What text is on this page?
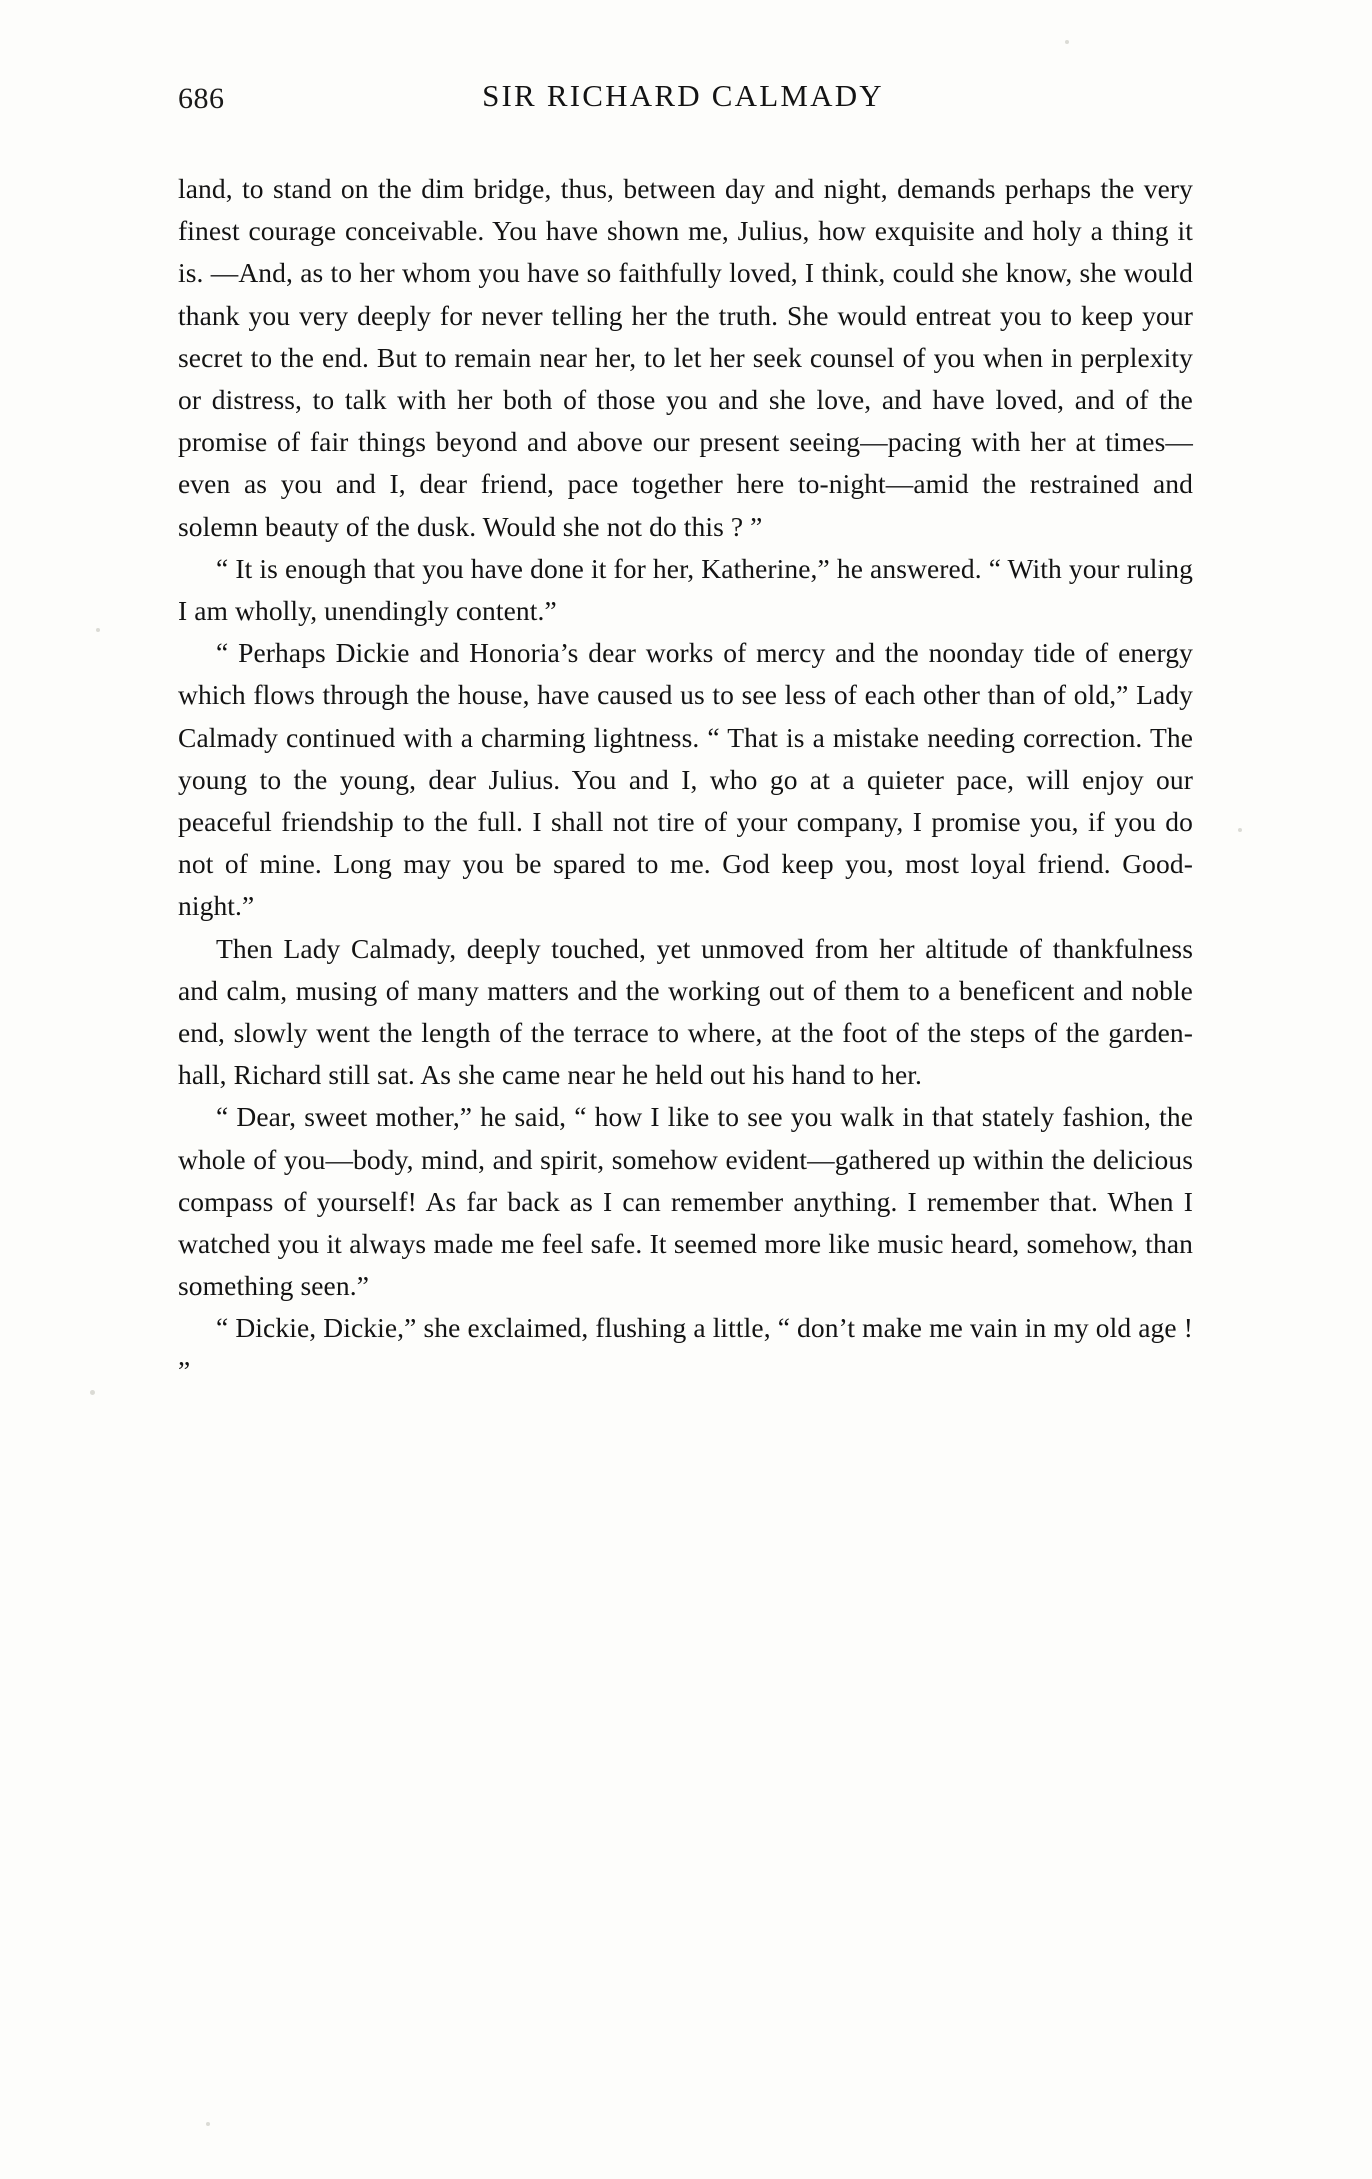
686	SIR RICHARD CALMADY

land, to stand on the dim bridge, thus, between day and night, demands perhaps the very finest courage conceivable. You have shown me, Julius, how exquisite and holy a thing it is. —And, as to her whom you have so faithfully loved, I think, could she know, she would thank you very deeply for never telling her the truth. She would entreat you to keep your secret to the end. But to remain near her, to let her seek counsel of you when in perplexity or distress, to talk with her both of those you and she love, and have loved, and of the promise of fair things beyond and above our present seeing—pacing with her at times—even as you and I, dear friend, pace together here to-night—amid the restrained and solemn beauty of the dusk. Would she not do this ? ”

“ It is enough that you have done it for her, Katherine,” he answered. “ With your ruling I am wholly, unendingly content.”

“ Perhaps Dickie and Honoria’s dear works of mercy and the noonday tide of energy which flows through the house, have caused us to see less of each other than of old,” Lady Calmady continued with a charming lightness. “ That is a mistake needing correction. The young to the young, dear Julius. You and I, who go at a quieter pace, will enjoy our peaceful friendship to the full. I shall not tire of your company, I promise you, if you do not of mine. Long may you be spared to me. God keep you, most loyal friend. Good-night.”

Then Lady Calmady, deeply touched, yet unmoved from her altitude of thankfulness and calm, musing of many matters and the working out of them to a beneficent and noble end, slowly went the length of the terrace to where, at the foot of the steps of the garden-hall, Richard still sat. As she came near he held out his hand to her.

“ Dear, sweet mother,” he said, “ how I like to see you walk in that stately fashion, the whole of you—body, mind, and spirit, somehow evident—gathered up within the delicious compass of yourself! As far back as I can remember anything. I remember that. When I watched you it always made me feel safe. It seemed more like music heard, somehow, than something seen.”

“ Dickie, Dickie,” she exclaimed, flushing a little, “ don’t make me vain in my old age ! ”
